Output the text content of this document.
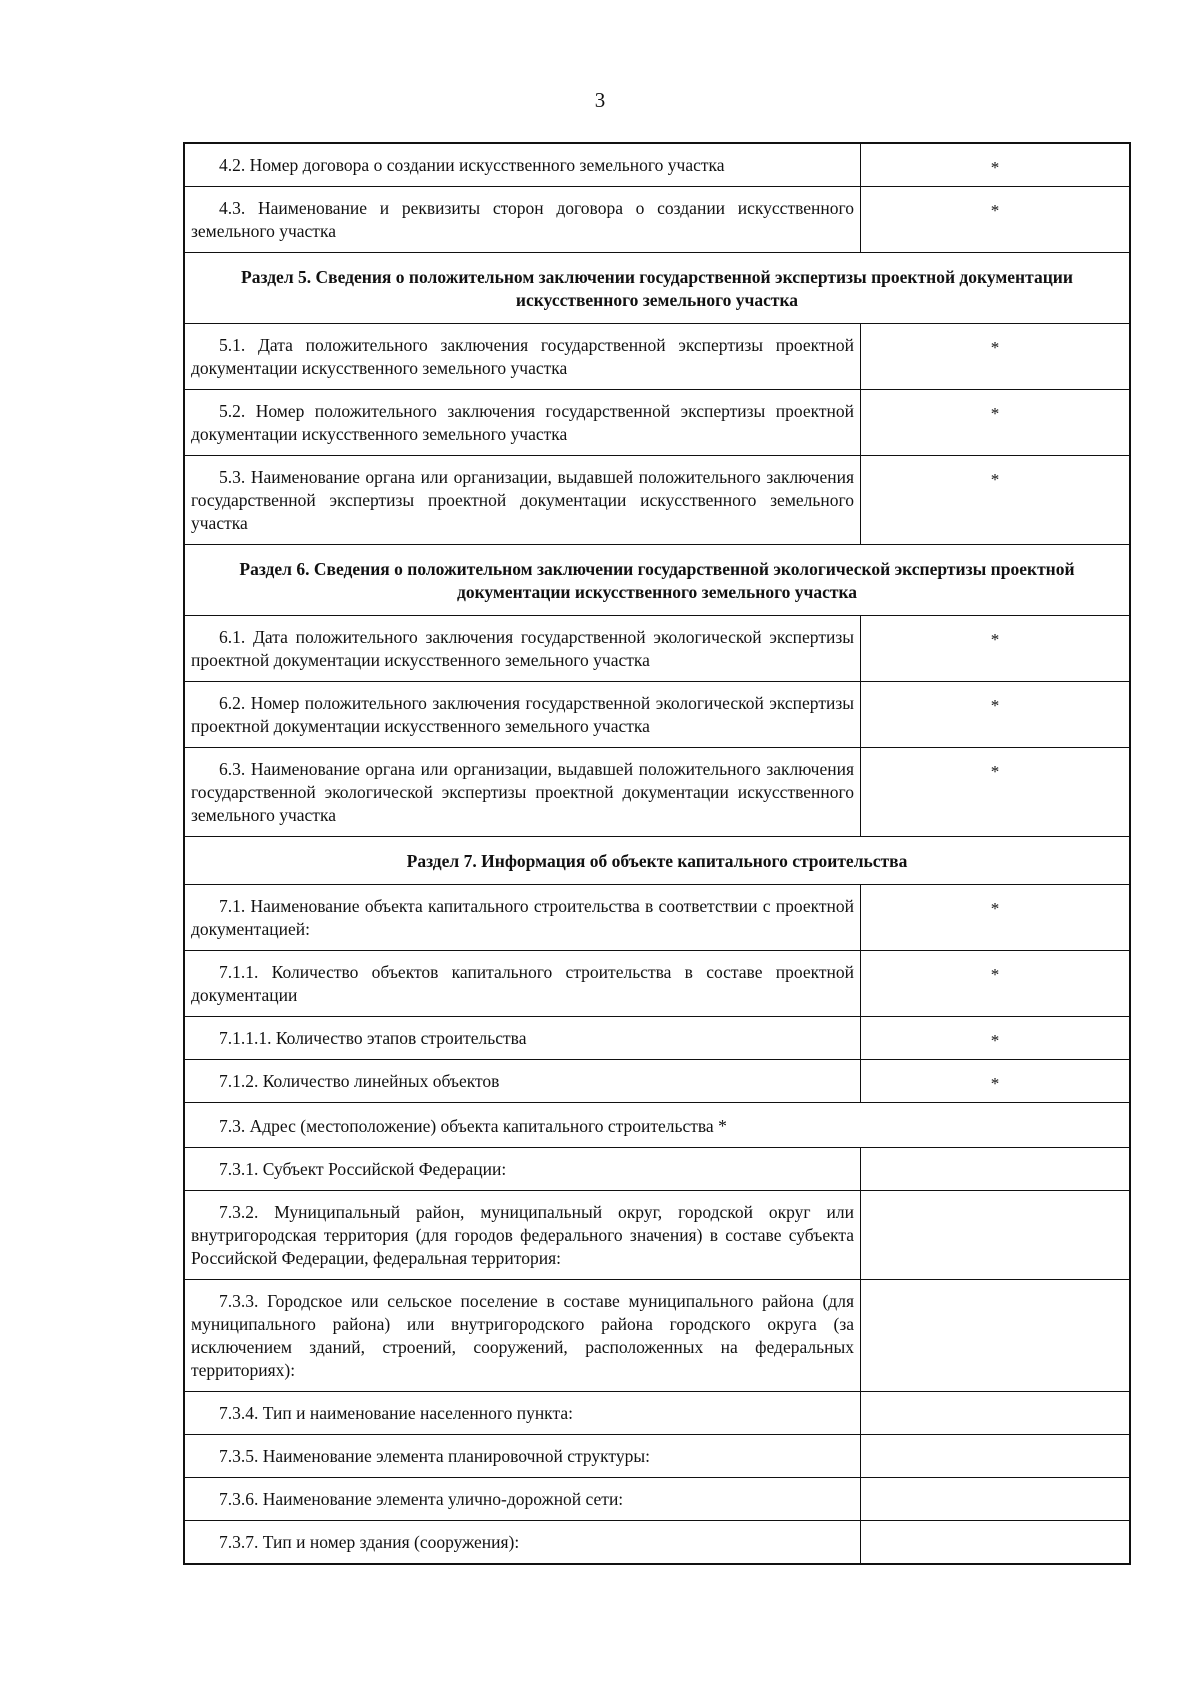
3
4.2. Номер договора о создании искусственного земельного участка	*
4.3. Наименование и реквизиты сторон договора о создании искусственного земельного участка	*
Раздел 5. Сведения о положительном заключении государственной экспертизы проектной документации искусственного земельного участка	
5.1. Дата положительного заключения государственной экспертизы проектной документации искусственного земельного участка	*
5.2. Номер положительного заключения государственной экспертизы проектной документации искусственного земельного участка	*
5.3. Наименование органа или организации, выдавшей положительного заключения государственной экспертизы проектной документации искусственного земельного участка	*
Раздел 6. Сведения о положительном заключении государственной экологической экспертизы проектной документации искусственного земельного участка	
6.1. Дата положительного заключения государственной экологической экспертизы проектной документации искусственного земельного участка	*
6.2. Номер положительного заключения государственной экологической экспертизы проектной документации искусственного земельного участка	*
6.3. Наименование органа или организации, выдавшей положительного заключения государственной экологической экспертизы проектной документации искусственного земельного участка	*
Раздел 7. Информация об объекте капитального строительства	
7.1. Наименование объекта капитального строительства в соответствии с проектной документацией:	*
7.1.1. Количество объектов капитального строительства в составе проектной документации	*
7.1.1.1. Количество этапов строительства	*
7.1.2. Количество линейных объектов	*
7.3. Адрес (местоположение) объекта капитального строительства *	
7.3.1. Субъект Российской Федерации:	
7.3.2. Муниципальный район, муниципальный округ, городской округ или внутригородская территория (для городов федерального значения) в составе субъекта Российской Федерации, федеральная территория:	
7.3.3. Городское или сельское поселение в составе муниципального района (для муниципального района) или внутригородского района городского округа (за исключением зданий, строений, сооружений, расположенных на федеральных территориях):	
7.3.4. Тип и наименование населенного пункта:	
7.3.5. Наименование элемента планировочной структуры:	
7.3.6. Наименование элемента улично-дорожной сети:	
7.3.7. Тип и номер здания (сооружения):	
